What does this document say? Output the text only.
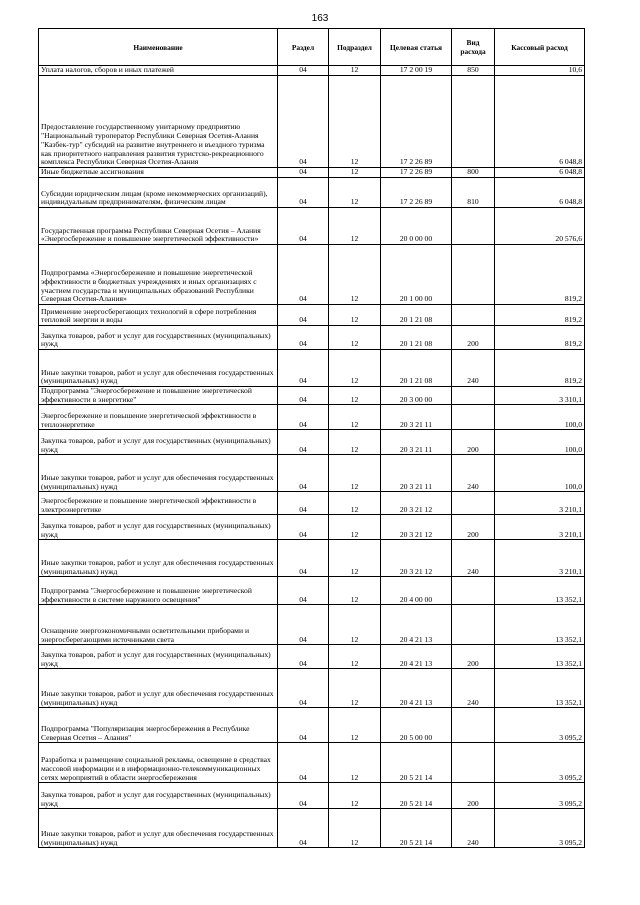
163
Наименование	Раздел	Подраздел	Целевая статья	Вид расхода	Кассовый расход
Уплата налогов, сборов и иных платежей	04	12	17 2 00 19	850	10,6
Предоставление государственному унитарному предприятию "Национальный туроператор Республики Северная Осетия-Алания "Казбек-тур" субсидий на развитие внутреннего и въездного туризма как приоритетного направления развития туристско-рекреационного комплекса Республики Северная Осетия-Алания	04	12	17 2 26 89		6 048,8
Иные бюджетные ассигнования	04	12	17 2 26 89	800	6 048,8
Субсидии юридическим лицам (кроме некоммерческих организаций), индивидуальным предпринимателям, физическим лицам	04	12	17 2 26 89	810	6 048,8
Государственная программа Республики Северная Осетия – Алания «Энергосбережение и повышение энергетической эффективности»	04	12	20 0 00 00		20 576,6
Подпрограмма «Энергосбережение и повышение энергетической эффективности в бюджетных учреждениях и иных организациях с участием государства и муниципальных образований Республики Северная Осетия-Алания»	04	12	20 1 00 00		819,2
Применение энергосберегающих технологий в сфере потребления тепловой энергии и воды	04	12	20 1 21 08		819,2
Закупка товаров, работ и услуг для государственных (муниципальных) нужд	04	12	20 1 21 08	200	819,2
Иные закупки товаров, работ и услуг для обеспечения государственных (муниципальных) нужд	04	12	20 1 21 08	240	819,2
Подпрограмма "Энергосбережение и повышение энергетической эффективности в энергетике"	04	12	20 3 00 00		3 310,1
Энергосбережение и повышение энергетической эффективности в теплоэнергетике	04	12	20 3 21 11		100,0
Закупка товаров, работ и услуг для государственных (муниципальных) нужд	04	12	20 3 21 11	200	100,0
Иные закупки товаров, работ и услуг для обеспечения государственных (муниципальных) нужд	04	12	20 3 21 11	240	100,0
Энергосбережение и повышение энергетической эффективности в электроэнергетике	04	12	20 3 21 12		3 210,1
Закупка товаров, работ и услуг для государственных (муниципальных) нужд	04	12	20 3 21 12	200	3 210,1
Иные закупки товаров, работ и услуг для обеспечения государственных (муниципальных) нужд	04	12	20 3 21 12	240	3 210,1
Подпрограмма "Энергосбережение и повышение энергетической эффективности в системе наружного освещения"	04	12	20 4 00 00		13 352,1
Оснащение энергоэкономичными осветительными приборами и энергосберегающими источниками света	04	12	20 4 21 13		13 352,1
Закупка товаров, работ и услуг для государственных (муниципальных) нужд	04	12	20 4 21 13	200	13 352,1
Иные закупки товаров, работ и услуг для обеспечения государственных (муниципальных) нужд	04	12	20 4 21 13	240	13 352,1
Подпрограмма "Популяризация энергосбережения в Республике Северная Осетия – Алания"	04	12	20 5 00 00		3 095,2
Разработка и размещение социальной рекламы, освещение в средствах массовой информации и в информационно-телекоммуникационных сетях мероприятий в области энергосбережения	04	12	20 5 21 14		3 095,2
Закупка товаров, работ и услуг для государственных (муниципальных) нужд	04	12	20 5 21 14	200	3 095,2
Иные закупки товаров, работ и услуг для обеспечения государственных (муниципальных) нужд	04	12	20 5 21 14	240	3 095,2
